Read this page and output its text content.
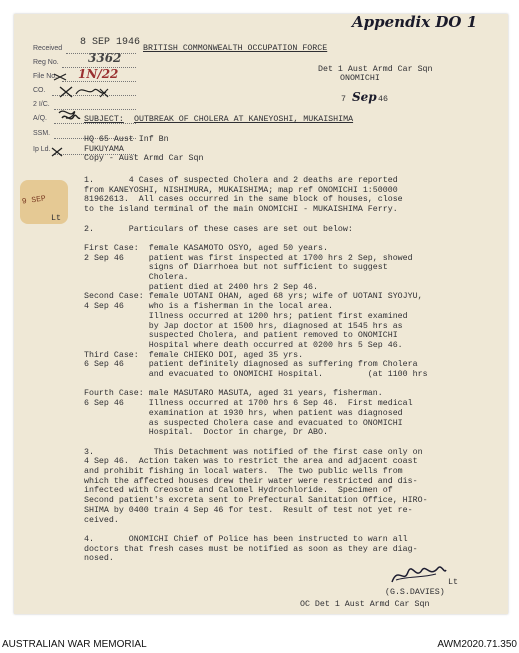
Appendix DO 1
Received
Reg No.
File No.
CO.
2 I/C.
A/Q.
SSM.
Ip Ld.
8 SEP 1946
3362
1N/22
9 SEP
Lt
BRITISH COMMONWEALTH OCCUPATION FORCE
Det 1 Aust Armd Car Sqn
ONOMICHI
7 Sep 46
SUBJECT: OUTBREAK OF CHOLERA AT KANEYOSHI, MUKAISHIMA
HQ 65 Aust Inf Bn
FUKUYAMA
Copy - Aust Armd Car Sqn
1.       4 Cases of suspected Cholera and 2 deaths are reported
from KANEYOSHI, NISHIMURA, MUKAISHIMA; map ref ONOMICHI 1:50000
81962613.  All cases occurred in the same block of houses, close
to the island terminal of the main ONOMICHI - MUKAISHIMA Ferry.
2.       Particulars of these cases are set out below:
First Case:  female KASAMOTO OSYO, aged 50 years.
2 Sep 46     patient was first inspected at 1700 hrs 2 Sep, showed
signs of Diarrhoea but not sufficient to suggest
Cholera.
patient died at 2400 hrs 2 Sep 46.
Second Case: female UOTANI OHAN, aged 68 yrs; wife of UOTANI SYOJYU,
4 Sep 46     who is a fisherman in the local area.
Illness occurred at 1200 hrs; patient first examined
by Jap doctor at 1500 hrs, diagnosed at 1545 hrs as
suspected Cholera, and patient removed to ONOMICHI
Hospital where death occurred at 0200 hrs 5 Sep 46.
Third Case:  female CHIEKO DOI, aged 35 yrs.
6 Sep 46     patient definitely diagnosed as suffering from Cholera
and evacuated to ONOMICHI Hospital.         (at 1100 hrs
Fourth Case: male MASUTARO MASUTA, aged 31 years, fisherman.
6 Sep 46     Illness occurred at 1700 hrs 6 Sep 46.  First medical
examination at 1930 hrs, when patient was diagnosed
as suspected Cholera case and evacuated to ONOMICHI
Hospital.  Doctor in charge, Dr ABO.
3.            This Detachment was notified of the first case only on
4 Sep 46.  Action taken was to restrict the area and adjacent coast
and prohibit fishing in local waters.  The two public wells from
which the affected houses drew their water were restricted and dis-
infected with Creosote and Calomel Hydrochloride.  Specimen of
Second patient's excreta sent to Prefectural Sanitation Office, HIRO-
SHIMA by 0400 train 4 Sep 46 for test.  Result of test not yet re-
ceived.
4.       ONOMICHI Chief of Police has been instructed to warn all
doctors that fresh cases must be notified as soon as they are diag-
nosed.
Lt
(G.S.DAVIES)
OC Det 1 Aust Armd Car Sqn
AUSTRALIAN WAR MEMORIAL	AWM2020.71.350
